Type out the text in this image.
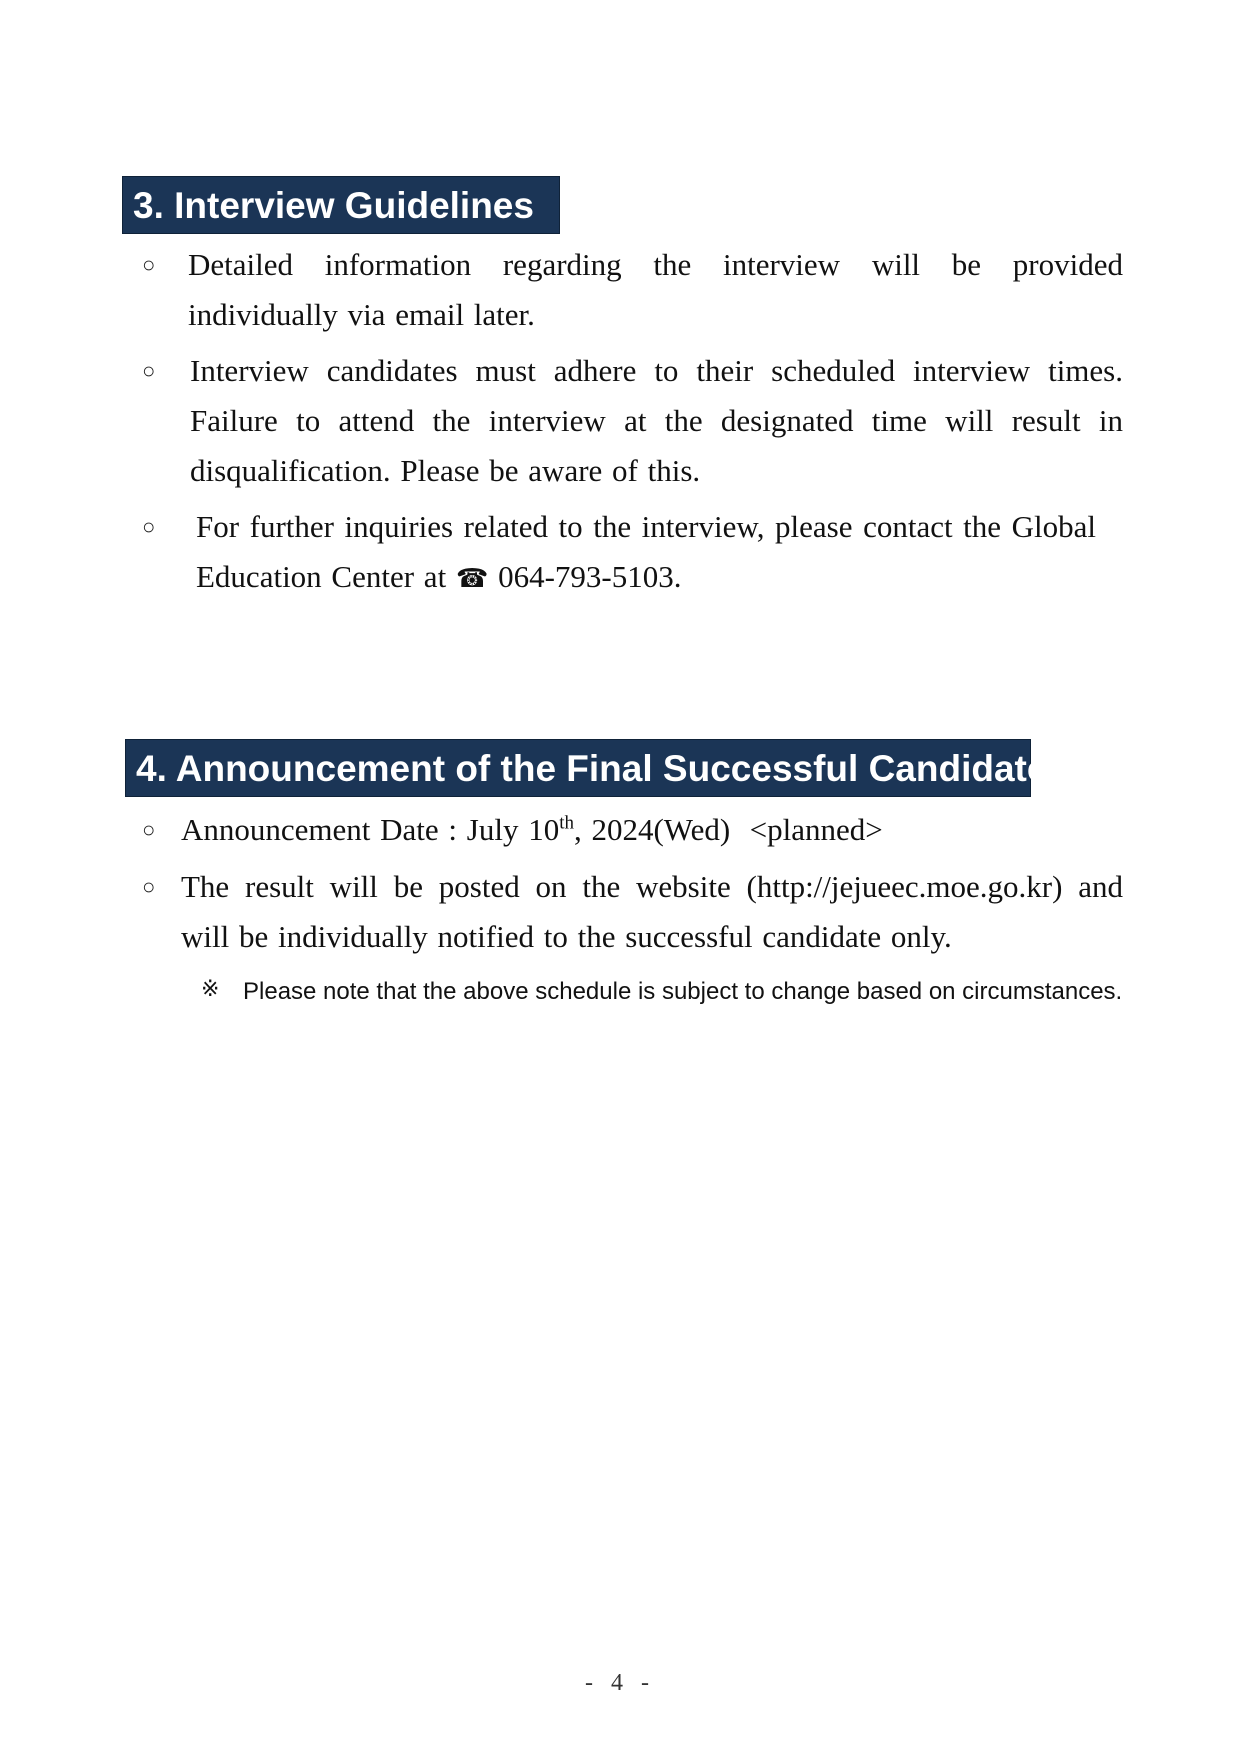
3. Interview Guidelines
○ Detailed information regarding the interview will be provided individually via email later.
○ Interview candidates must adhere to their scheduled interview times. Failure to attend the interview at the designated time will result in disqualification. Please be aware of this.
○ For further inquiries related to the interview, please contact the Global Education Center at ☎ 064-793-5103.
4. Announcement of the Final Successful Candidate
○ Announcement Date : July 10th, 2024(Wed)  <planned>
○ The result will be posted on the website (http://jejueec.moe.go.kr) and will be individually notified to the successful candidate only.
※ Please note that the above schedule is subject to change based on circumstances.
- 4 -
